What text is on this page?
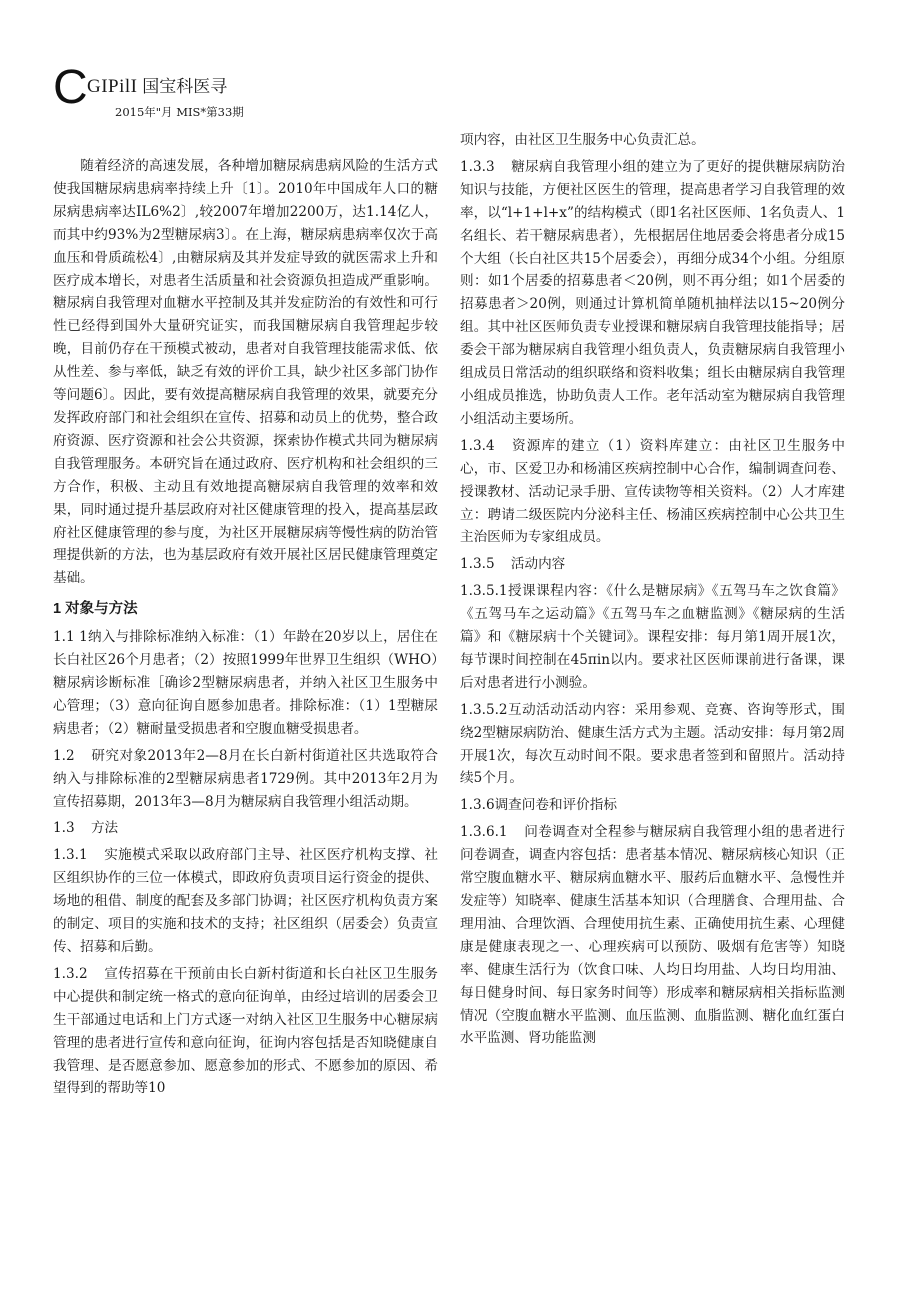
C GIPilI 国宝科医寻
2015年"月 MIS*第33期

随着经济的高速发展，各种增加糖尿病患病风险的生活方式使我国糖尿病患病率持续上升〔1〕。2010年中国成年人口的糖尿病患病率达IL6%2〕,较2007年增加2200万，达1.14亿人，而其中约93%为2型糖尿病3〕。在上海，糖尿病患病率仅次于高血压和骨质疏松4〕,由糖尿病及其并发症导致的就医需求上升和医疗成本增长，对患者生活质量和社会资源负担造成严重影响。糖尿病自我管理对血糖水平控制及其并发症防治的有效性和可行性已经得到国外大量研究证实，而我国糖尿病自我管理起步较晚，目前仍存在干预模式被动，患者对自我管理技能需求低、依从性差、参与率低，缺乏有效的评价工具，缺少社区多部门协作等问题6〕。因此，要有效提高糖尿病自我管理的效果，就要充分发挥政府部门和社会组织在宣传、招募和动员上的优势，整合政府资源、医疗资源和社会公共资源，探索协作模式共同为糖尿病自我管理服务。本研究旨在通过政府、医疗机构和社会组织的三方合作，积极、主动且有效地提高糖尿病自我管理的效率和效果，同时通过提升基层政府对社区健康管理的投入，提高基层政府社区健康管理的参与度，为社区开展糖尿病等慢性病的防治管理提供新的方法，也为基层政府有效开展社区居民健康管理奠定基础。

1 对象与方法

1.1 1纳入与排除标准纳入标准：（1）年龄在20岁以上，居住在长白社区26个月患者；（2）按照1999年世界卫生组织（WHO）糖尿病诊断标准［确诊2型糖尿病患者，并纳入社区卫生服务中心管理；（3）意向征询自愿参加患者。排除标准：（1）1型糖尿病患者；（2）糖耐量受损患者和空腹血糖受损患者。

1.2 研究对象2013年2—8月在长白新村街道社区共选取符合纳入与排除标准的2型糖尿病患者1729例。其中2013年2月为宣传招募期，2013年3—8月为糖尿病自我管理小组活动期。

1.3 方法

1.3.1 实施模式采取以政府部门主导、社区医疗机构支撑、社区组织协作的三位一体模式，即政府负责项目运行资金的提供、场地的租借、制度的配套及多部门协调；社区医疗机构负责方案的制定、项目的实施和技术的支持；社区组织（居委会）负责宣传、招募和后勤。

1.3.2 宣传招募在干预前由长白新村街道和长白社区卫生服务中心提供和制定统一格式的意向征询单，由经过培训的居委会卫生干部通过电话和上门方式逐一对纳入社区卫生服务中心糖尿病管理的患者进行宣传和意向征询，征询内容包括是否知晓健康自我管理、是否愿意参加、愿意参加的形式、不愿参加的原因、希望得到的帮助等10

项内容，由社区卫生服务中心负责汇总。

1.3.3 糖尿病自我管理小组的建立为了更好的提供糖尿病防治知识与技能，方便社区医生的管理，提高患者学习自我管理的效率，以“l+1+l+x”的结构模式（即1名社区医师、1名负责人、1名组长、若干糖尿病患者），先根据居住地居委会将患者分成15个大组（长白社区共15个居委会），再细分成34个小组。分组原则：如1个居委的招募患者＜20例，则不再分组；如1个居委的招募患者＞20例，则通过计算机简单随机抽样法以15~20例分组。其中社区医师负责专业授课和糖尿病自我管理技能指导；居委会干部为糖尿病自我管理小组负责人，负责糖尿病自我管理小组成员日常活动的组织联络和资料收集；组长由糖尿病自我管理小组成员推选，协助负责人工作。老年活动室为糖尿病自我管理小组活动主要场所。

1.3.4 资源库的建立（1）资料库建立：由社区卫生服务中心，市、区爱卫办和杨浦区疾病控制中心合作，编制调查问卷、授课教材、活动记录手册、宣传读物等相关资料。（2）人才库建立：聘请二级医院内分泌科主任、杨浦区疾病控制中心公共卫生主治医师为专家组成员。

1.3.5 活动内容

1.3.5.1授课课程内容：《什么是糖尿病》《五驾马车之饮食篇》《五驾马车之运动篇》《五驾马车之血糖监测》《糖尿病的生活篇》和《糖尿病十个关键词》。课程安排：每月第1周开展1次，每节课时间控制在45πin以内。要求社区医师课前进行备课，课后对患者进行小测验。

1.3.5.2互动活动活动内容：采用参观、竞赛、咨询等形式，围绕2型糖尿病防治、健康生活方式为主题。活动安排：每月第2周开展1次，每次互动时间不限。要求患者签到和留照片。活动持续5个月。

1.3.6调查问卷和评价指标

1.3.6.1 问卷调查对全程参与糖尿病自我管理小组的患者进行问卷调查，调查内容包括：患者基本情况、糖尿病核心知识（正常空腹血糖水平、糖尿病血糖水平、服药后血糖水平、急慢性并发症等）知晓率、健康生活基本知识（合理膳食、合理用盐、合理用油、合理饮酒、合理使用抗生素、正确使用抗生素、心理健康是健康表现之一、心理疾病可以预防、吸烟有危害等）知晓率、健康生活行为（饮食口味、人均日均用盐、人均日均用油、每日健身时间、每日家务时间等）形成率和糖尿病相关指标监测情况（空腹血糖水平监测、血压监测、血脂监测、糖化血红蛋白水平监测、肾功能监测
